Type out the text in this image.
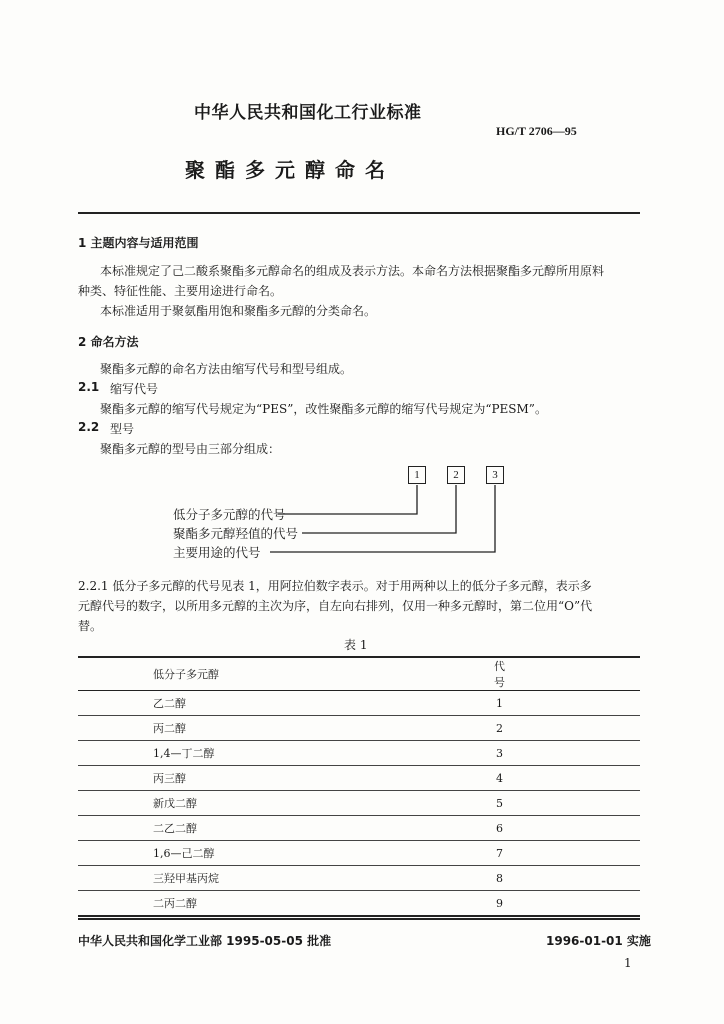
中华人民共和国化工行业标准
HG/T 2706—95
聚酯多元醇命名
1 主题内容与适用范围
本标准规定了己二酸系聚酯多元醇命名的组成及表示方法。本命名方法根据聚酯多元醇所用原料
种类、特征性能、主要用途进行命名。
本标准适用于聚氨酯用饱和聚酯多元醇的分类命名。
2 命名方法
聚酯多元醇的命名方法由缩写代号和型号组成。
2.1 缩写代号
聚酯多元醇的缩写代号规定为“PES”，改性聚酯多元醇的缩写代号规定为“PESM”。
2.2 型号
聚酯多元醇的型号由三部分组成：
1	2	3
低分子多元醇的代号
聚酯多元醇羟值的代号
主要用途的代号
2.2.1 低分子多元醇的代号见表 1，用阿拉伯数字表示。对于用两种以上的低分子多元醇，表示多
元醇代号的数字，以所用多元醇的主次为序，自左向右排列，仅用一种多元醇时，第二位用“O”代
替。
表 1
低分子多元醇	代 号
乙二醇	1
丙二醇	2
1,4—丁二醇	3
丙三醇	4
新戊二醇	5
二乙二醇	6
1,6—己二醇	7
三羟甲基丙烷	8
二丙二醇	9
中华人民共和国化学工业部 1995-05-05 批准	1996-01-01 实施
1
